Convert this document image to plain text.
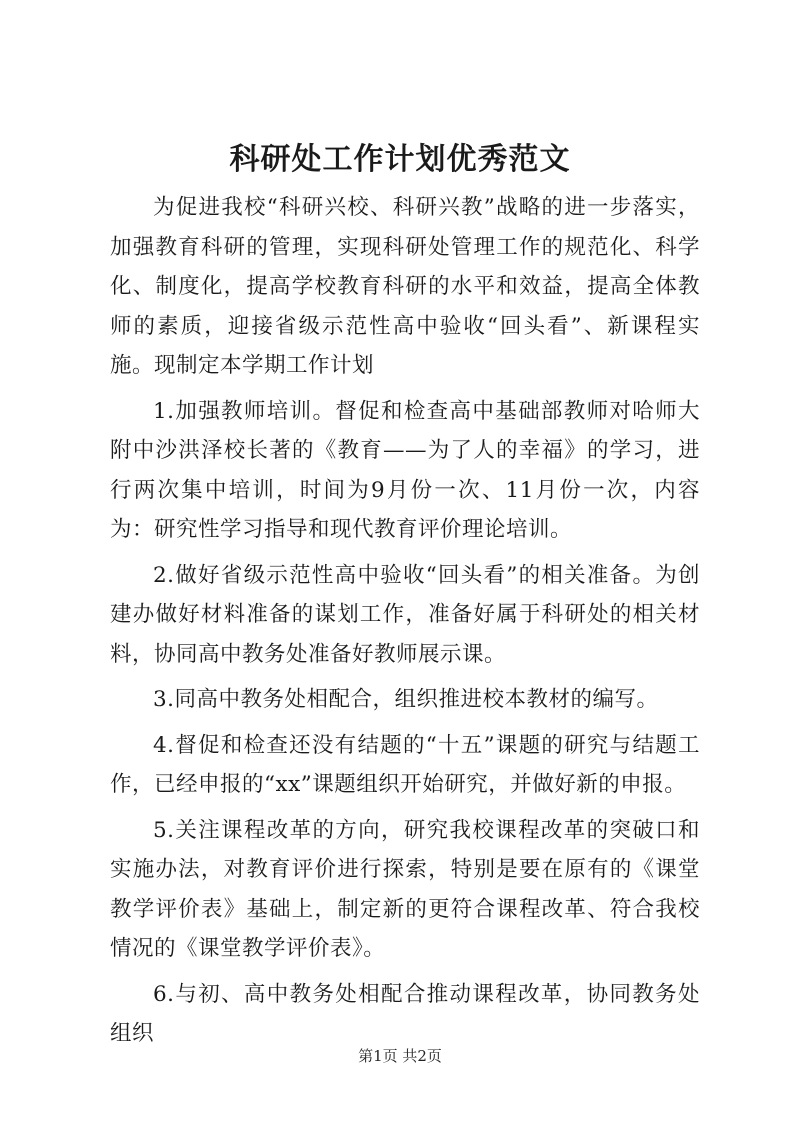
科研处工作计划优秀范文

为促进我校“科研兴校、科研兴教”战略的进一步落实，加强教育科研的管理，实现科研处管理工作的规范化、科学化、制度化，提高学校教育科研的水平和效益，提高全体教师的素质，迎接省级示范性高中验收“回头看”、新课程实施。现制定本学期工作计划

1.加强教师培训。督促和检查高中基础部教师对哈师大附中沙洪泽校长著的《教育——为了人的幸福》的学习，进行两次集中培训，时间为9月份一次、11月份一次，内容为：研究性学习指导和现代教育评价理论培训。

2.做好省级示范性高中验收“回头看”的相关准备。为创建办做好材料准备的谋划工作，准备好属于科研处的相关材料，协同高中教务处准备好教师展示课。

3.同高中教务处相配合，组织推进校本教材的编写。

4.督促和检查还没有结题的“十五”课题的研究与结题工作，已经申报的“xx”课题组织开始研究，并做好新的申报。

5.关注课程改革的方向，研究我校课程改革的突破口和实施办法，对教育评价进行探索，特别是要在原有的《课堂教学评价表》基础上，制定新的更符合课程改革、符合我校情况的《课堂教学评价表》。

6.与初、高中教务处相配合推动课程改革，协同教务处组织

第1页 共2页
